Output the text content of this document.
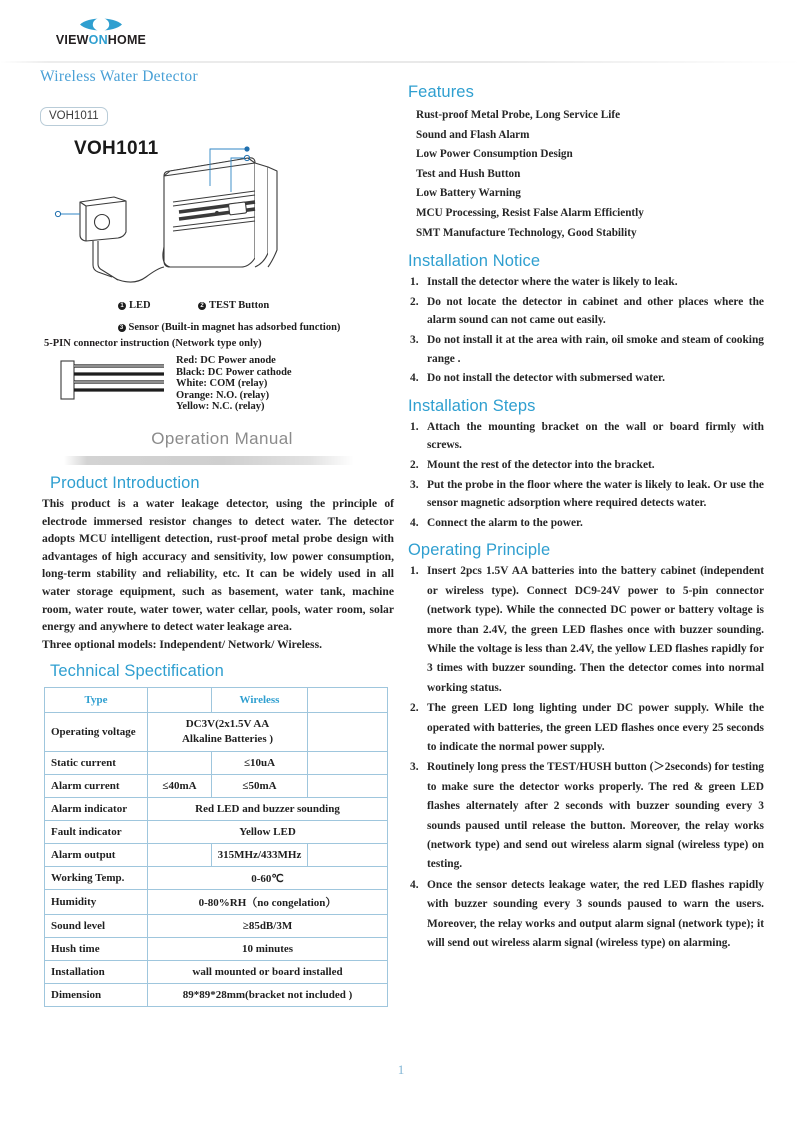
VIEWONHOME
Wireless Water Detector
VOH1011
VOH1011
1 LED	2 TEST Button
3 Sensor (Built-in magnet has adsorbed function)
5-PIN connector instruction (Network type only)
Red: DC Power anode
Black: DC Power cathode
White: COM (relay)
Orange: N.O. (relay)
Yellow: N.C. (relay)
Operation Manual
Product Introduction
This product is a water leakage detector, using the principle of electrode immersed resistor changes to detect water. The detector adopts MCU intelligent detection, rust-proof metal probe design with advantages of high accuracy and sensitivity, low power consumption, long-term stability and reliability, etc. It can be widely used in all water storage equipment, such as basement, water tank, machine room, water route, water tower, water cellar, pools, water room, solar energy and anywhere to detect water leakage area.
Three optional models: Independent/ Network/ Wireless.
Technical Spectification
Type		Wireless	
Operating voltage	DC3V(2x1.5V AA
Alkaline Batteries )		
Static current		≤10uA	
Alarm current	≤40mA	≤50mA	
Alarm indicator	Red LED and buzzer sounding		
Fault indicator	Yellow LED		
Alarm output		315MHz/433MHz	
Working Temp.	0-60℃		
Humidity	0-80%RH（no congelation）		
Sound level	≥85dB/3M		
Hush time	10 minutes		
Installation	wall mounted or board installed		
Dimension	89*89*28mm(bracket not included )		
Features
Rust-proof Metal Probe, Long Service Life
Sound and Flash Alarm
Low Power Consumption Design
Test and Hush Button
Low Battery Warning
MCU Processing, Resist False Alarm Efficiently
SMT Manufacture Technology, Good Stability
Installation Notice
1. Install the detector where the water is likely to leak.
2. Do not locate the detector in cabinet and other places where the alarm sound can not came out easily.
3. Do not install it at the area with rain, oil smoke and steam of cooking range .
4. Do not install the detector with submersed water.
Installation Steps
1. Attach the mounting bracket on the wall or board firmly with screws.
2. Mount the rest of the detector into the bracket.
3. Put the probe in the floor where the water is likely to leak. Or use the sensor magnetic adsorption where required detects water.
4. Connect the alarm to the power.
Operating Principle
1. Insert 2pcs 1.5V AA batteries into the battery cabinet (independent or wireless type). Connect DC9-24V power to 5-pin connector (network type). While the connected DC power or battery voltage is more than 2.4V, the green LED flashes once with buzzer sounding. While the voltage is less than 2.4V, the yellow LED flashes rapidly for 3 times with buzzer sounding. Then the detector comes into normal working status.
2. The green LED long lighting under DC power supply. While the operated with batteries, the green LED flashes once every 25 seconds to indicate the normal power supply.
3. Routinely long press the TEST/HUSH button (＞2seconds) for testing to make sure the detector works properly. The red & green LED flashes alternately after 2 seconds with buzzer sounding every 3 sounds paused until release the button. Moreover, the relay works (network type) and send out wireless alarm signal (wireless type) on testing.
4. Once the sensor detects leakage water, the red LED flashes rapidly with buzzer sounding every 3 sounds paused to warn the users. Moreover, the relay works and output alarm signal (network type); it will send out wireless alarm signal (wireless type) on alarming.
1
